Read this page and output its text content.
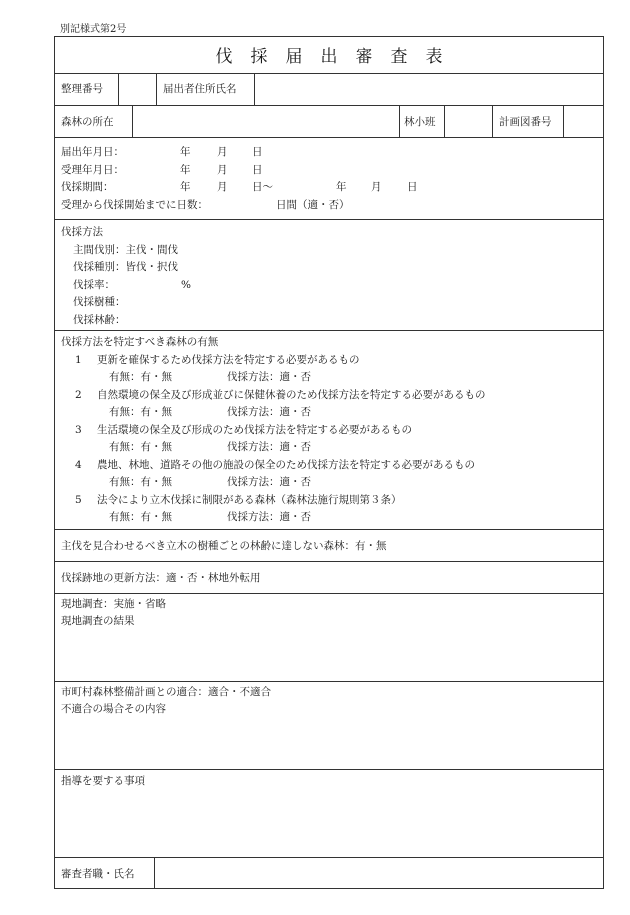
別記様式第2号
伐採届出審査表
整理番号	届出者住所氏名
森林の所在	林小班	計画図番号
届出年月日：	年	月 日
受理年月日：	年	月 日
伐採期間：	年	月 日～	年 月 日
受理から伐採開始までに日数：	日間（適・否）
伐採方法
主間伐別：主伐・間伐
伐採種別：皆伐・択伐
伐採率：	%
伐採樹種：
伐採林齢：
伐採方法を特定すべき森林の有無
1 更新を確保するため伐採方法を特定する必要があるもの
有無：有・無	伐採方法：適・否
2 自然環境の保全及び形成並びに保健休養のため伐採方法を特定する必要があるもの
有無：有・無	伐採方法：適・否
3 生活環境の保全及び形成のため伐採方法を特定する必要があるもの
有無：有・無	伐採方法：適・否
4 農地、林地、道路その他の施設の保全のため伐採方法を特定する必要があるもの
有無：有・無	伐採方法：適・否
5 法令により立木伐採に制限がある森林（森林法施行規則第３条）
有無：有・無	伐採方法：適・否
主伐を見合わせるべき立木の樹種ごとの林齢に達しない森林：有・無
伐採跡地の更新方法：適・否・林地外転用
現地調査：実施・省略
現地調査の結果
市町村森林整備計画との適合：適合・不適合
不適合の場合その内容
指導を要する事項
審査者職・氏名
